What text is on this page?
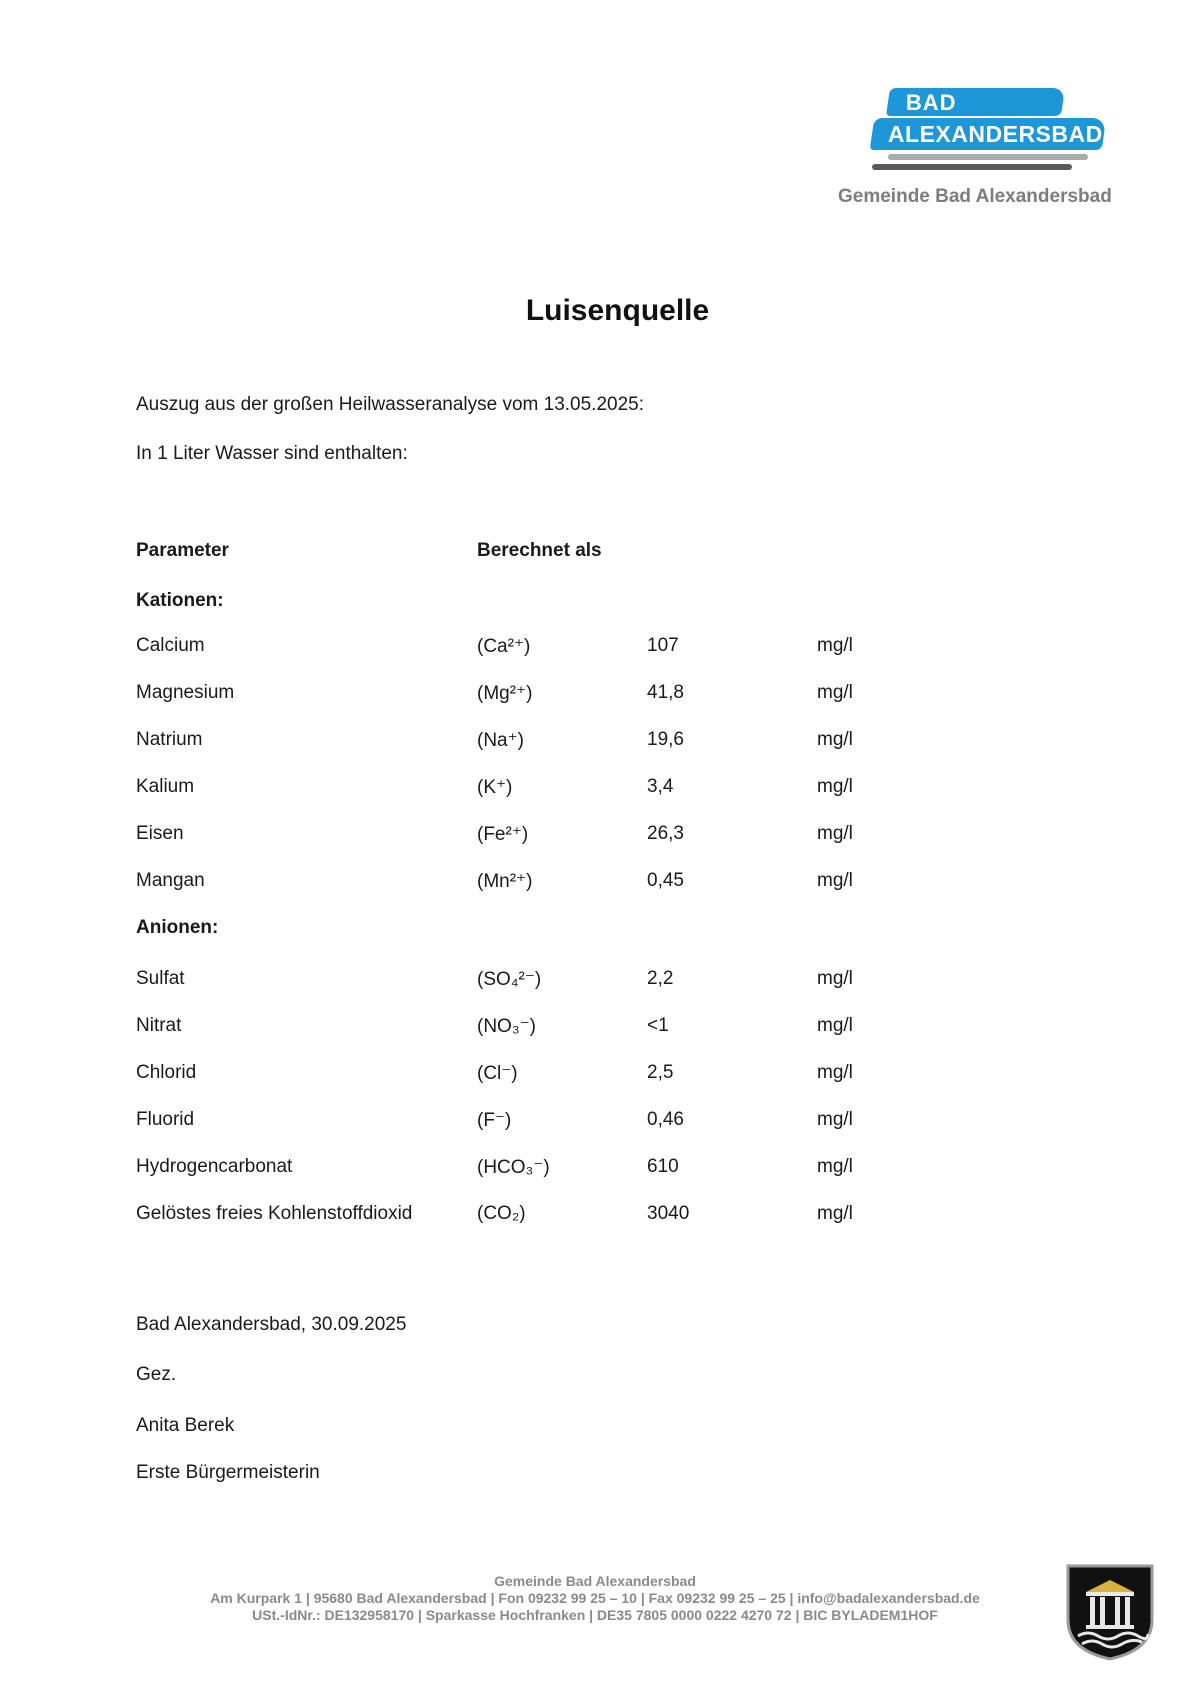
BAD
ALEXANDERSBAD
Gemeinde Bad Alexandersbad
Luisenquelle
Auszug aus der großen Heilwasseranalyse vom 13.05.2025:
In 1 Liter Wasser sind enthalten:
Parameter	Berechnet als
Kationen:
Calcium	(Ca²⁺)	107	mg/l
Magnesium	(Mg²⁺)	41,8	mg/l
Natrium	(Na⁺)	19,6	mg/l
Kalium	(K⁺)	3,4	mg/l
Eisen	(Fe²⁺)	26,3	mg/l
Mangan	(Mn²⁺)	0,45	mg/l
Anionen:
Sulfat	(SO₄²⁻)	2,2	mg/l
Nitrat	(NO₃⁻)	<1	mg/l
Chlorid	(Cl⁻)	2,5	mg/l
Fluorid	(F⁻)	0,46	mg/l
Hydrogencarbonat	(HCO₃⁻)	610	mg/l
Gelöstes freies Kohlenstoffdioxid	(CO₂)	3040	mg/l
Bad Alexandersbad, 30.09.2025
Gez.
Anita Berek
Erste Bürgermeisterin
Gemeinde Bad Alexandersbad
Am Kurpark 1 | 95680 Bad Alexandersbad | Fon 09232 99 25 – 10 | Fax 09232 99 25 – 25 | info@badalexandersbad.de
USt.-IdNr.: DE132958170 | Sparkasse Hochfranken | DE35 7805 0000 0222 4270 72 | BIC BYLADEM1HOF
